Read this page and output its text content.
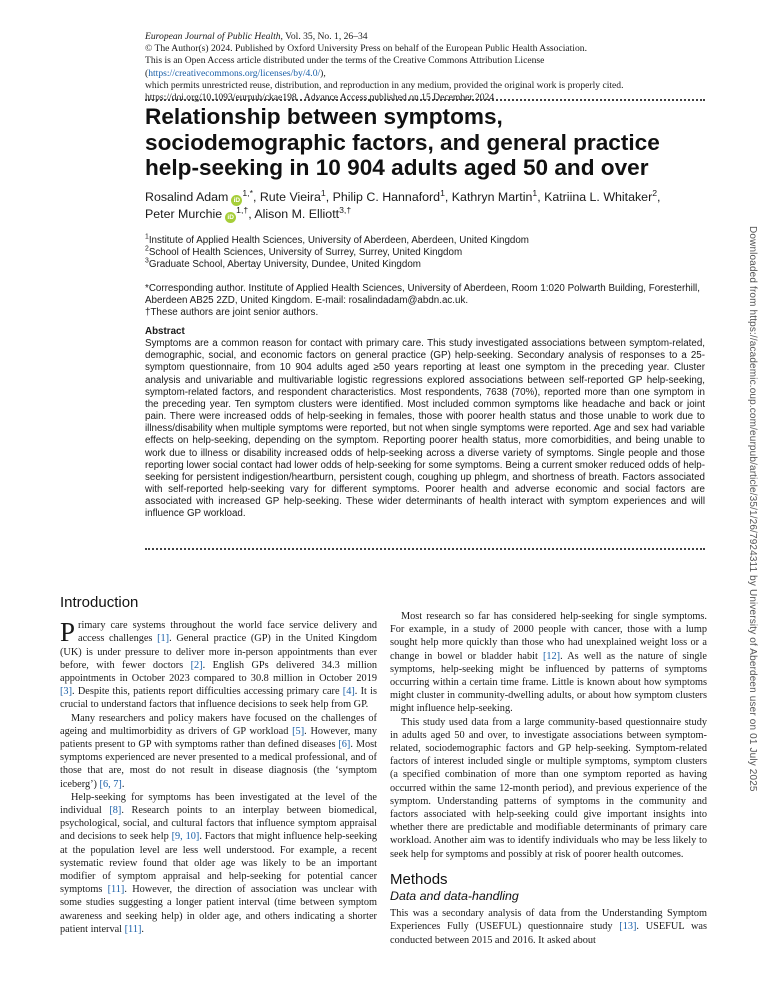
European Journal of Public Health, Vol. 35, No. 1, 26–34
© The Author(s) 2024. Published by Oxford University Press on behalf of the European Public Health Association.
This is an Open Access article distributed under the terms of the Creative Commons Attribution License (https://creativecommons.org/licenses/by/4.0/),
which permits unrestricted reuse, distribution, and reproduction in any medium, provided the original work is properly cited.
https://doi.org/10.1093/eurpub/ckae198 Advance Access published on 15 December 2024
Relationship between symptoms, sociodemographic factors, and general practice help-seeking in 10 904 adults aged 50 and over
Rosalind Adam $iD^{1,*}$, Rute Vieira$^1$, Philip C. Hannaford$^1$, Kathryn Martin$^1$, Katriina L. Whitaker$^2$,
Peter Murchie $iD^{1,\dagger}$, Alison M. Elliott$^{3,\dagger}$
$^1$Institute of Applied Health Sciences, University of Aberdeen, Aberdeen, United Kingdom
$^2$School of Health Sciences, University of Surrey, Surrey, United Kingdom
$^3$Graduate School, Abertay University, Dundee, United Kingdom
*Corresponding author. Institute of Applied Health Sciences, University of Aberdeen, Room 1:020 Polwarth Building, Foresterhill, Aberdeen AB25 2ZD, United Kingdom. E-mail: rosalindadam@abdn.ac.uk.
†These authors are joint senior authors.
Abstract
Symptoms are a common reason for contact with primary care. This study investigated associations between symptom-related, demographic, social, and economic factors on general practice (GP) help-seeking. Secondary analysis of responses to a 25-symptom questionnaire, from 10 904 adults aged ≥50 years reporting at least one symptom in the preceding year. Cluster analysis and univariable and multivariable logistic regressions explored associations between self-reported GP help-seeking, symptom-related factors, and respondent characteristics. Most respondents, 7638 (70%), reported more than one symptom in the preceding year. Ten symptom clusters were identified. Most included common symptoms like headache and back or joint pain. There were increased odds of help-seeking in females, those with poorer health status and those unable to work due to illness/disability when multiple symptoms were reported, but not when single symptoms were reported. Age and sex had variable effects on help-seeking, depending on the symptom. Reporting poorer health status, more comorbidities, and being unable to work due to illness or disability increased odds of help-seeking across a diverse variety of symptoms. Single people and those reporting lower social contact had lower odds of help-seeking for some symptoms. Being a current smoker reduced odds of help-seeking for persistent indigestion/heartburn, persistent cough, coughing up phlegm, and shortness of breath. Factors associated with self-reported help-seeking vary for different symptoms. Poorer health and adverse economic and social factors are associated with increased GP help-seeking. These wider determinants of health interact with symptom experiences and will influence GP workload.	Downloaded from https://academic.oup.com/eurpub/article/35/1/26/7924311 by University of Aberdeen user on 01 July 2025
Introduction

Primary care systems throughout the world face service delivery and access challenges [1]. General practice (GP) in the United Kingdom (UK) is under pressure to deliver more in-person appointments than ever before, with fewer doctors [2]. English GPs delivered 34.3 million appointments in October 2023 compared to 30.8 million in October 2019 [3]. Despite this, patients report difficulties accessing primary care [4]. It is crucial to understand factors that influence decisions to seek help from GP.

Many researchers and policy makers have focused on the challenges of ageing and multimorbidity as drivers of GP workload [5]. However, many patients present to GP with symptoms rather than defined diseases [6]. Most symptoms experienced are never presented to a medical professional, and of those that are, most do not result in disease diagnosis (the ‘symptom iceberg’) [6, 7].

Help-seeking for symptoms has been investigated at the level of the individual [8]. Research points to an interplay between biomedical, psychological, social, and cultural factors that influence symptom appraisal and decisions to seek help [9, 10]. Factors that might influence help-seeking at the population level are less well understood. For example, a recent systematic review found that older age was likely to be an important modifier of symptom appraisal and help-seeking for potential cancer symptoms [11]. However, the direction of association was unclear with some studies suggesting a longer patient interval (time between symptom awareness and seeking help) in older age, and others indicating a shorter patient interval [11].

Most research so far has considered help-seeking for single symptoms. For example, in a study of 2000 people with cancer, those with a lump sought help more quickly than those who had unexplained weight loss or a change in bowel or bladder habit [12]. As well as the nature of single symptoms, help-seeking might be influenced by patterns of symptoms occurring within a certain time frame. Little is known about how symptoms might cluster in community-dwelling adults, or about how symptom clusters might influence help-seeking.

This study used data from a large community-based questionnaire study in adults aged 50 and over, to investigate associations between symptom-related, sociodemographic factors and GP help-seeking. Symptom-related factors of interest included single or multiple symptoms, symptom clusters (a specified combination of more than one symptom reported as having occurred within the same 12-month period), and previous experience of the symptom. Understanding patterns of symptoms in the community and factors associated with help-seeking could give important insights into whether there are predictable and modifiable determinants of primary care workload. Another aim was to identify individuals who may be less likely to seek help for symptoms and possibly at risk of poorer health outcomes.

Methods
Data and data-handling

This was a secondary analysis of data from the Understanding Symptom Experiences Fully (USEFUL) questionnaire study [13]. USEFUL was conducted between 2015 and 2016. It asked about
